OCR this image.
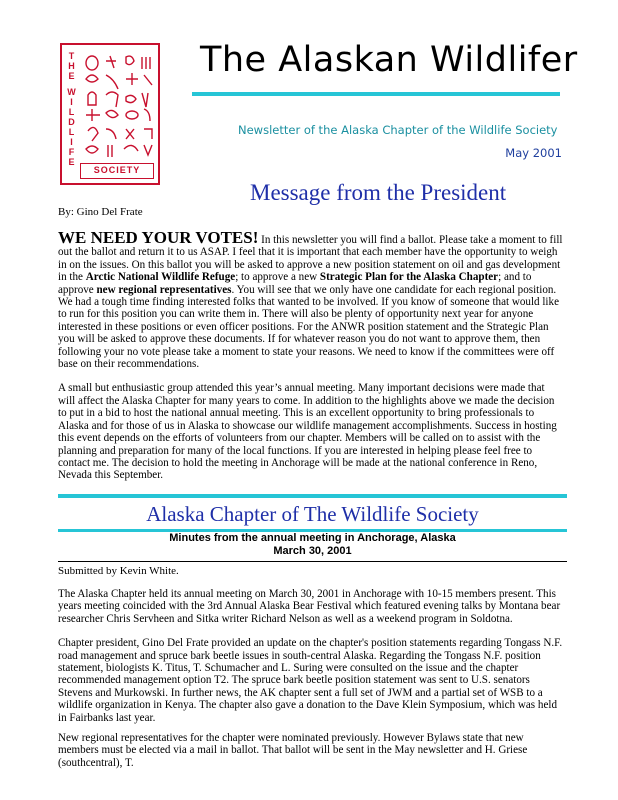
T
H
E
W
I
L
D
L
I
F
E
SOCIETY
The Alaskan Wildlifer
Newsletter of the Alaska Chapter of the Wildlife Society
May 2001
Message from the President
By: Gino Del Frate

WE NEED YOUR VOTES! In this newsletter you will find a ballot. Please take a moment to fill out the ballot and return it to us ASAP. I feel that it is important that each member have the opportunity to weigh in on the issues. On this ballot you will be asked to approve a new position statement on oil and gas development in the Arctic National Wildlife Refuge; to approve a new Strategic Plan for the Alaska Chapter; and to approve new regional representatives. You will see that we only have one candidate for each regional position. We had a tough time finding interested folks that wanted to be involved. If you know of someone that would like to run for this position you can write them in. There will also be plenty of opportunity next year for anyone interested in these positions or even officer positions. For the ANWR position statement and the Strategic Plan you will be asked to approve these documents. If for whatever reason you do not want to approve them, then following your no vote please take a moment to state your reasons. We need to know if the committees were off base on their recommendations.

A small but enthusiastic group attended this year’s annual meeting. Many important decisions were made that will affect the Alaska Chapter for many years to come. In addition to the highlights above we made the decision to put in a bid to host the national annual meeting. This is an excellent opportunity to bring professionals to Alaska and for those of us in Alaska to showcase our wildlife management accomplishments. Success in hosting this event depends on the efforts of volunteers from our chapter. Members will be called on to assist with the planning and preparation for many of the local functions. If you are interested in helping please feel free to contact me. The decision to hold the meeting in Anchorage will be made at the national conference in Reno, Nevada this September.

Alaska Chapter of The Wildlife Society
Minutes from the annual meeting in Anchorage, Alaska
March 30, 2001
Submitted by Kevin White.

The Alaska Chapter held its annual meeting on March 30, 2001 in Anchorage with 10-15 members present. This years meeting coincided with the 3rd Annual Alaska Bear Festival which featured evening talks by Montana bear researcher Chris Servheen and Sitka writer Richard Nelson as well as a weekend program in Soldotna.

Chapter president, Gino Del Frate provided an update on the chapter's position statements regarding Tongass N.F. road management and spruce bark beetle issues in south-central Alaska. Regarding the Tongass N.F. position statement, biologists K. Titus, T. Schumacher and L. Suring were consulted on the issue and the chapter recommended management option T2. The spruce bark beetle position statement was sent to U.S. senators Stevens and Murkowski. In further news, the AK chapter sent a full set of JWM and a partial set of WSB to a wildlife organization in Kenya. The chapter also gave a donation to the Dave Klein Symposium, which was held in Fairbanks last year.

New regional representatives for the chapter were nominated previously. However Bylaws state that new members must be elected via a mail in ballot. That ballot will be sent in the May newsletter and H. Griese (southcentral), T.
